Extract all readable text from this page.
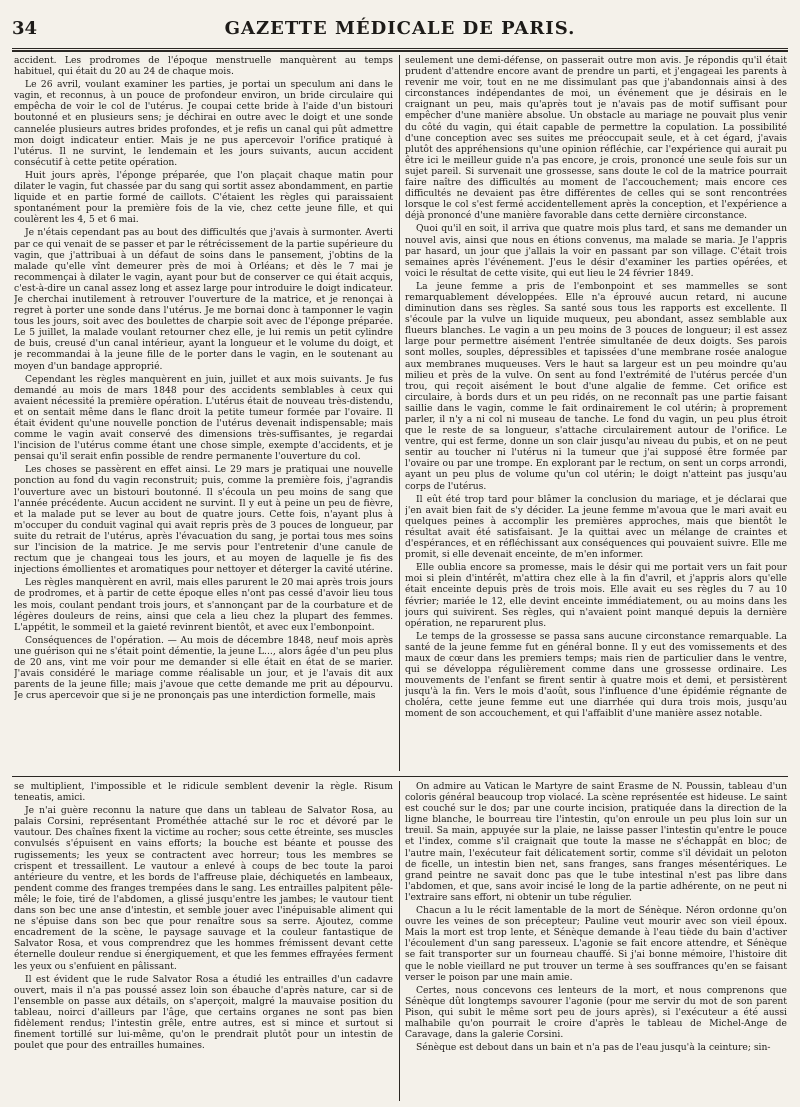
34	GAZETTE MÉDICALE DE PARIS.

accident. Les prodromes de l'époque menstruelle manquèrent au temps habituel, qui était du 20 au 24 de chaque mois.

Le 26 avril, voulant examiner les parties, je portai un speculum ani dans le vagin, et reconnus, à un pouce de profondeur environ, un bride circulaire qui empêcha de voir le col de l'utérus. Je coupai cette bride à l'aide d'un bistouri boutonné et en plusieurs sens; je déchirai en outre avec le doigt et une sonde cannelée plusieurs autres brides profondes, et je refis un canal qui pût admettre mon doigt indicateur entier. Mais je ne pus apercevoir l'orifice pratiqué à l'utérus. Il ne survint, le lendemain et les jours suivants, aucun accident consécutif à cette petite opération.

Huit jours après, l'éponge préparée, que l'on plaçait chaque matin pour dilater le vagin, fut chassée par du sang qui sortit assez abondamment, en partie liquide et en partie formé de caillots. C'étaient les règles qui paraissaient spontanément pour la première fois de la vie, chez cette jeune fille, et qui coulèrent les 4, 5 et 6 mai.

Je n'étais cependant pas au bout des difficultés que j'avais à surmonter. Averti par ce qui venait de se passer et par le rétrécissement de la partie supérieure du vagin, que j'attribuai à un défaut de soins dans le pansement, j'obtins de la malade qu'elle vînt demeurer près de moi à Orléans; et dès le 7 mai je recommençai à dilater le vagin, ayant pour but de conserver ce qui était acquis, c'est-à-dire un canal assez long et assez large pour introduire le doigt indicateur. Je cherchai inutilement à retrouver l'ouverture de la matrice, et je renonçai à regret à porter une sonde dans l'utérus. Je me bornai donc à tamponner le vagin tous les jours, soit avec des boulettes de charpie soit avec de l'éponge préparée. Le 5 juillet, la malade voulant retourner chez elle, je lui remis un petit cylindre de buis, creusé d'un canal intérieur, ayant la longueur et le volume du doigt, et je recommandai à la jeune fille de le porter dans le vagin, en le soutenant au moyen d'un bandage approprié.

Cependant les règles manquèrent en juin, juillet et aux mois suivants. Je fus demandé au mois de mars 1848 pour des accidents semblables à ceux qui avaient nécessité la première opération. L'utérus était de nouveau très-distendu, et on sentait même dans le flanc droit la petite tumeur formée par l'ovaire. Il était évident qu'une nouvelle ponction de l'utérus devenait indispensable; mais comme le vagin avait conservé des dimensions très-suffisantes, je regardai l'incision de l'utérus comme étant une chose simple, exempte d'accidents, et je pensai qu'il serait enfin possible de rendre permanente l'ouverture du col.

Les choses se passèrent en effet ainsi. Le 29 mars je pratiquai une nouvelle ponction au fond du vagin reconstruit; puis, comme la première fois, j'agrandis l'ouverture avec un bistouri boutonné. Il s'écoula un peu moins de sang que l'année précédente. Aucun accident ne survint. Il y eut à peine un peu de fièvre, et la malade put se lever au bout de quatre jours. Cette fois, n'ayant plus à m'occuper du conduit vaginal qui avait repris près de 3 pouces de longueur, par suite du retrait de l'utérus, après l'évacuation du sang, je portai tous mes soins sur l'incision de la matrice. Je me servis pour l'entretenir d'une canule de rectum que je changeai tous les jours, et au moyen de laquelle je fis des injections émollientes et aromatiques pour nettoyer et déterger la cavité utérine.

Les règles manquèrent en avril, mais elles parurent le 20 mai après trois jours de prodromes, et à partir de cette époque elles n'ont pas cessé d'avoir lieu tous les mois, coulant pendant trois jours, et s'annonçant par de la courbature et de légères douleurs de reins, ainsi que cela a lieu chez la plupart des femmes. L'appétit, le sommeil et la gaieté revinrent bientôt, et avec eux l'embonpoint.

Conséquences de l'opération. — Au mois de décembre 1848, neuf mois après une guérison qui ne s'était point démentie, la jeune L..., alors âgée d'un peu plus de 20 ans, vint me voir pour me demander si elle était en état de se marier. J'avais considéré le mariage comme réalisable un jour, et je l'avais dit aux parents de la jeune fille; mais j'avoue que cette demande me prit au dépourvu. Je crus apercevoir que si je ne prononçais pas une interdiction formelle, mais

seulement une demi-défense, on passerait outre mon avis. Je répondis qu'il était prudent d'attendre encore avant de prendre un parti, et j'engageai les parents à revenir me voir, tout en ne me dissimulant pas que j'abandonnais ainsi à des circonstances indépendantes de moi, un événement que je désirais en le craignant un peu, mais qu'après tout je n'avais pas de motif suffisant pour empêcher d'une manière absolue. Un obstacle au mariage ne pouvait plus venir du côté du vagin, qui était capable de permettre la copulation. La possibilité d'une conception avec ses suites me préoccupait seule, et à cet égard, j'avais plutôt des appréhensions qu'une opinion réfléchie, car l'expérience qui aurait pu être ici le meilleur guide n'a pas encore, je crois, prononcé une seule fois sur un sujet pareil. Si survenait une grossesse, sans doute le col de la matrice pourrait faire naître des difficultés au moment de l'accouchement; mais encore ces difficultés ne devaient pas être différentes de celles qui se sont rencontrées lorsque le col s'est fermé accidentellement après la conception, et l'expérience a déjà prononcé d'une manière favorable dans cette dernière circonstance.

Quoi qu'il en soit, il arriva que quatre mois plus tard, et sans me demander un nouvel avis, ainsi que nous en étions convenus, ma malade se maria. Je l'appris par hasard, un jour que j'allais la voir en passant par son village. C'était trois semaines après l'événement. J'eus le désir d'examiner les parties opérées, et voici le résultat de cette visite, qui eut lieu le 24 février 1849.

La jeune femme a pris de l'embonpoint et ses mammelles se sont remarquablement développées. Elle n'a éprouvé aucun retard, ni aucune diminution dans ses règles. Sa santé sous tous les rapports est excellente. Il s'écoule par la vulve un liquide muqueux, peu abondant, assez semblable aux flueurs blanches. Le vagin a un peu moins de 3 pouces de longueur; il est assez large pour permettre aisément l'entrée simultanée de deux doigts. Ses parois sont molles, souples, dépressibles et tapissées d'une membrane rosée analogue aux membranes muqueuses. Vers le haut sa largeur est un peu moindre qu'au milieu et près de la vulve. On sent au fond l'extrémité de l'utérus percée d'un trou, qui reçoit aisément le bout d'une algalie de femme. Cet orifice est circulaire, à bords durs et un peu ridés, on ne reconnaît pas une partie faisant saillie dans le vagin, comme le fait ordinairement le col utérin; à proprement parler, il n'y a ni col ni museau de tanche. Le fond du vagin, un peu plus étroit que le reste de sa longueur, s'attache circulairement autour de l'orifice. Le ventre, qui est ferme, donne un son clair jusqu'au niveau du pubis, et on ne peut sentir au toucher ni l'utérus ni la tumeur que j'ai supposé être formée par l'ovaire ou par une trompe. En explorant par le rectum, on sent un corps arrondi, ayant un peu plus de volume qu'un col utérin; le doigt n'atteint pas jusqu'au corps de l'utérus.

Il eût été trop tard pour blâmer la conclusion du mariage, et je déclarai que j'en avait bien fait de s'y décider. La jeune femme m'avoua que le mari avait eu quelques peines à accomplir les premières approches, mais que bientôt le résultat avait été satisfaisant. Je la quittai avec un mélange de craintes et d'espérances, et en réfléchissant aux conséquences qui pouvaient suivre. Elle me promit, si elle devenait enceinte, de m'en informer.

Elle oublia encore sa promesse, mais le désir qui me portait vers un fait pour moi si plein d'intérêt, m'attira chez elle à la fin d'avril, et j'appris alors qu'elle était enceinte depuis près de trois mois. Elle avait eu ses règles du 7 au 10 février; mariée le 12, elle devint enceinte immédiatement, ou au moins dans les jours qui suivirent. Ses règles, qui n'avaient point manqué depuis la dernière opération, ne reparurent plus.

Le temps de la grossesse se passa sans aucune circonstance remarquable. La santé de la jeune femme fut en général bonne. Il y eut des vomissements et des maux de cœur dans les premiers temps; mais rien de particulier dans le ventre, qui se développa régulièrement comme dans une grossesse ordinaire. Les mouvements de l'enfant se firent sentir à quatre mois et demi, et persistèrent jusqu'à la fin. Vers le mois d'août, sous l'influence d'une épidémie régnante de choléra, cette jeune femme eut une diarrhée qui dura trois mois, jusqu'au moment de son accouchement, et qui l'affaiblit d'une manière assez notable.

se multiplient, l'impossible et le ridicule semblent devenir la règle. Risum teneatis, amici.

Je n'ai guère reconnu la nature que dans un tableau de Salvator Rosa, au palais Corsini, représentant Prométhée attaché sur le roc et dévoré par le vautour. Des chaînes fixent la victime au rocher; sous cette étreinte, ses muscles convulsés s'épuisent en vains efforts; la bouche est béante et pousse des rugissements; les yeux se contractent avec horreur; tous les membres se crispent et tressaillent. Le vautour a enlevé à coups de bec toute la paroi antérieure du ventre, et les bords de l'affreuse plaie, déchiquetés en lambeaux, pendent comme des franges trempées dans le sang. Les entrailles palpitent pêle-mêle; le foie, tiré de l'abdomen, a glissé jusqu'entre les jambes; le vautour tient dans son bec une anse d'intestin, et semble jouer avec l'inépuisable aliment qui ne s'épuise dans son bec que pour renaître sous sa serre. Ajoutez, comme encadrement de la scène, le paysage sauvage et la couleur fantastique de Salvator Rosa, et vous comprendrez que les hommes frémissent devant cette éternelle douleur rendue si énergiquement, et que les femmes effrayées ferment les yeux ou s'enfuient en pâlissant.

Il est évident que le rude Salvator Rosa a étudié les entrailles d'un cadavre ouvert, mais il n'a pas poussé assez loin son ébauche d'après nature, car si de l'ensemble on passe aux détails, on s'aperçoit, malgré la mauvaise position du tableau, noirci d'ailleurs par l'âge, que certains organes ne sont pas bien fidèlement rendus; l'intestin grêle, entre autres, est si mince et surtout si finement tortillé sur lui-même, qu'on le prendrait plutôt pour un intestin de poulet que pour des entrailles humaines.

On admire au Vatican le Martyre de saint Érasme de N. Poussin, tableau d'un coloris général beaucoup trop violacé. La scène représentée est hideuse. Le saint est couché sur le dos; par une courte incision, pratiquée dans la direction de la ligne blanche, le bourreau tire l'intestin, qu'on enroule un peu plus loin sur un treuil. Sa main, appuyée sur la plaie, ne laisse passer l'intestin qu'entre le pouce et l'index, comme s'il craignait que toute la masse ne s'échappât en bloc; de l'autre main, l'exécuteur fait délicatement sortir, comme s'il dévidait un peloton de ficelle, un intestin bien net, sans franges, sans franges mésentériques. Le grand peintre ne savait donc pas que le tube intestinal n'est pas libre dans l'abdomen, et que, sans avoir incisé le long de la partie adhérente, on ne peut ni l'extraire sans effort, ni obtenir un tube régulier.

Chacun a lu le récit lamentable de la mort de Sénèque. Néron ordonne qu'on ouvre les veines de son précepteur; Pauline veut mourir avec son vieil époux. Mais la mort est trop lente, et Sénèque demande à l'eau tiède du bain d'activer l'écoulement d'un sang paresseux. L'agonie se fait encore attendre, et Sénèque se fait transporter sur un fourneau chauffé. Si j'ai bonne mémoire, l'histoire dit que le noble vieillard ne put trouver un terme à ses souffrances qu'en se faisant verser le poison par une main amie.

Certes, nous concevons ces lenteurs de la mort, et nous comprenons que Sénèque dût longtemps savourer l'agonie (pour me servir du mot de son parent Pison, qui subit le même sort peu de jours après), si l'exécuteur a été aussi malhabile qu'on pourrait le croire d'après le tableau de Michel-Ange de Caravage, dans la galerie Corsini.

Sénèque est debout dans un bain et n'a pas de l'eau jusqu'à la ceinture; sin-
